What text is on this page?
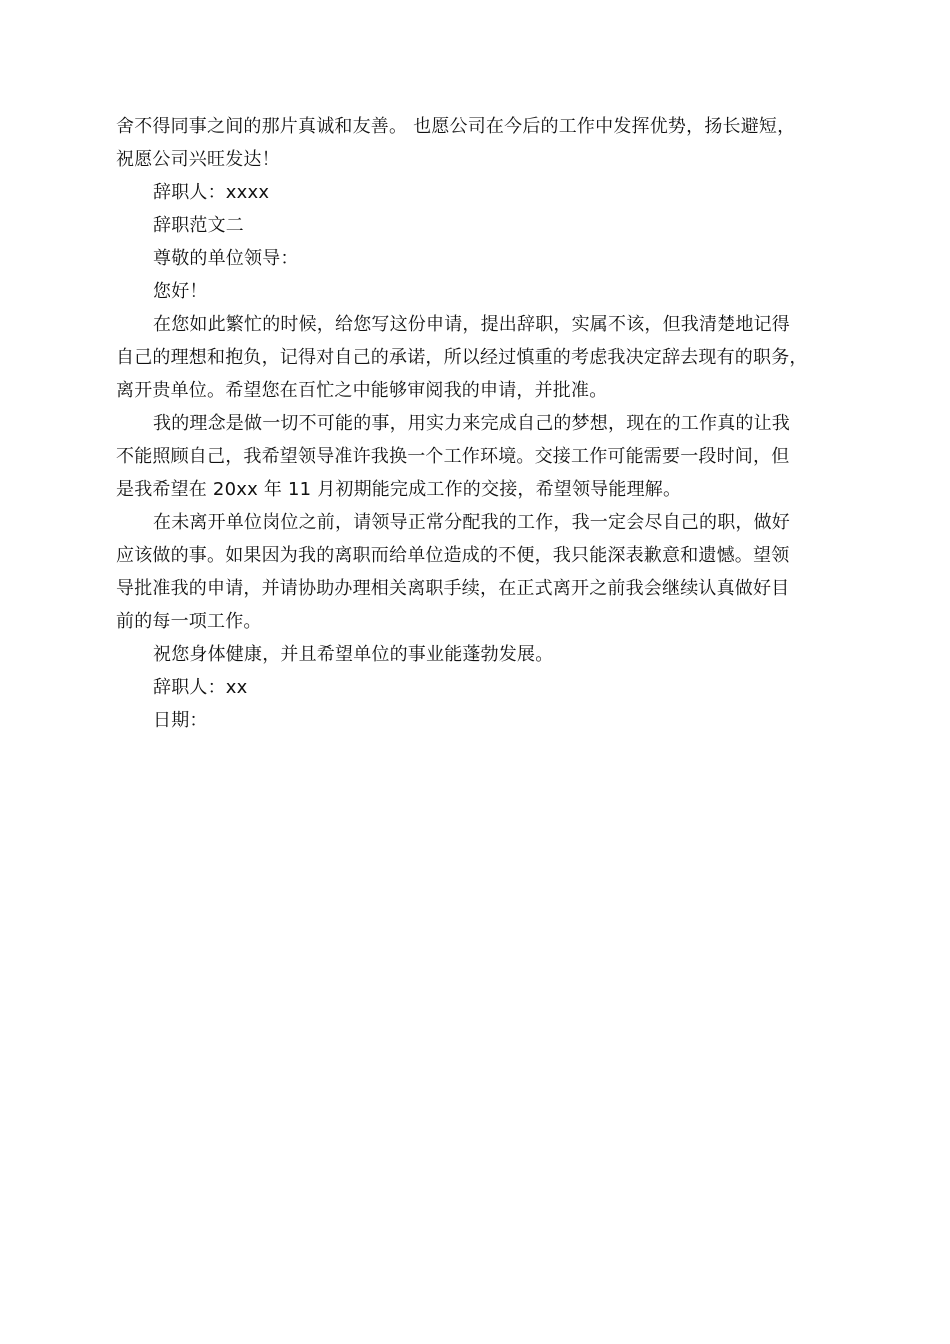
舍不得同事之间的那片真诚和友善。 也愿公司在今后的工作中发挥优势，扬长避短，
祝愿公司兴旺发达！
辞职人：xxxx
辞职范文二
尊敬的单位领导：
您好！
在您如此繁忙的时候，给您写这份申请，提出辞职，实属不该，但我清楚地记得
自己的理想和抱负，记得对自己的承诺，所以经过慎重的考虑我决定辞去现有的职务，
离开贵单位。希望您在百忙之中能够审阅我的申请，并批准。
我的理念是做一切不可能的事，用实力来完成自己的梦想，现在的工作真的让我
不能照顾自己，我希望领导准许我换一个工作环境。交接工作可能需要一段时间，但
是我希望在 20xx 年 11 月初期能完成工作的交接，希望领导能理解。
在未离开单位岗位之前，请领导正常分配我的工作，我一定会尽自己的职，做好
应该做的事。如果因为我的离职而给单位造成的不便，我只能深表歉意和遗憾。望领
导批准我的申请，并请协助办理相关离职手续，在正式离开之前我会继续认真做好目
前的每一项工作。
祝您身体健康，并且希望单位的事业能蓬勃发展。
辞职人：xx
日期：
